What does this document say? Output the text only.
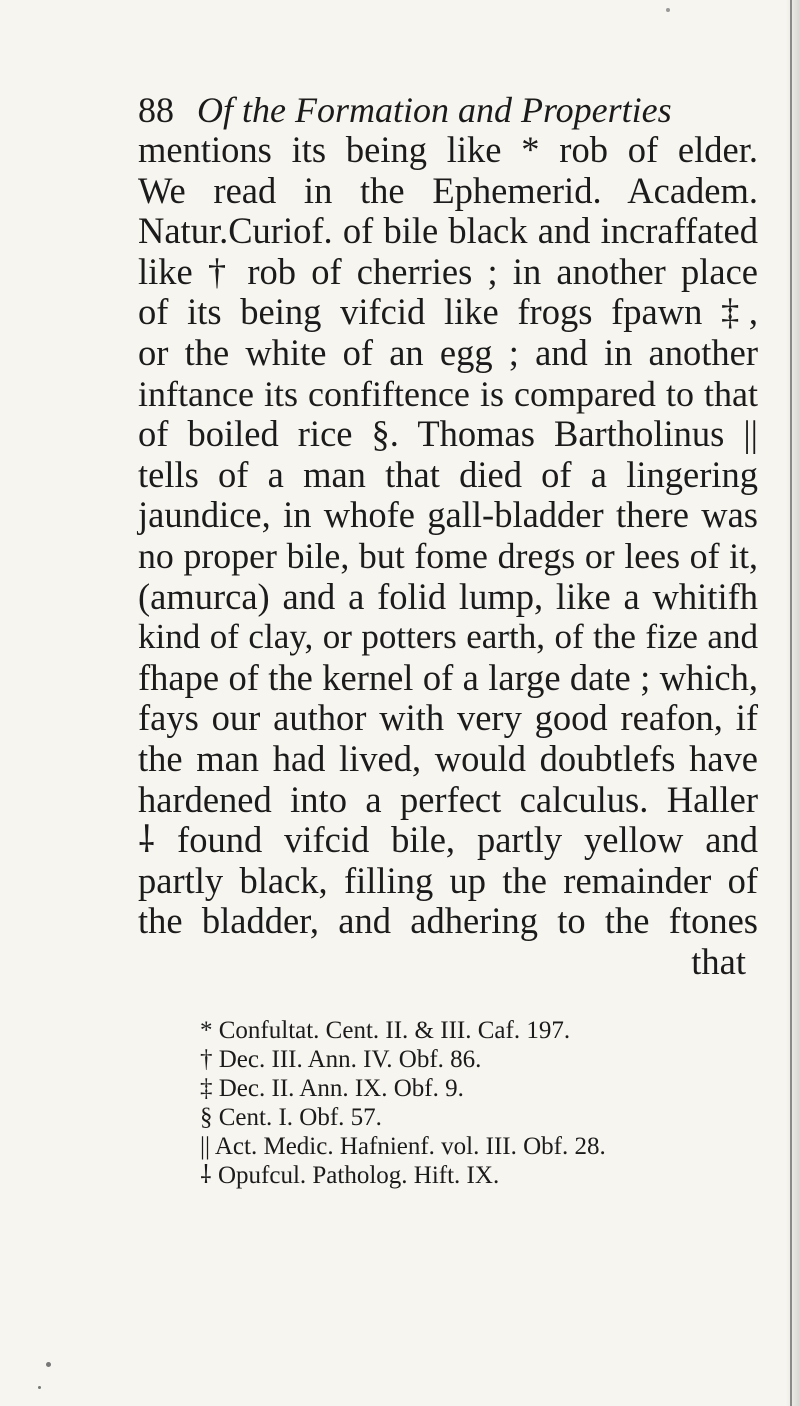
88 Of the Formation and Properties
mentions its being like * rob of elder.
We read in the Ephemerid. Academ.
Natur.Curiof. of bile black and incraffated
like † rob of cherries ; in another place
of its being vifcid like frogs fpawn ‡,
or the white of an egg ; and in another
inftance its confiftence is compared to that
of boiled rice §. Thomas Bartholinus ||
tells of a man that died of a lingering
jaundice, in whofe gall-bladder there was
no proper bile, but fome dregs or lees of it,
(amurca) and a folid lump, like a whitifh
kind of clay, or potters earth, of the fize and
fhape of the kernel of a large date ; which,
fays our author with very good reafon, if
the man had lived, would doubtlefs have
hardened into a perfect calculus. Haller
⸸ found vifcid bile, partly yellow and
partly black, filling up the remainder of
the bladder, and adhering to the ftones
that
* Confultat. Cent. II. & III. Caf. 197.
† Dec. III. Ann. IV. Obf. 86.
‡ Dec. II. Ann. IX. Obf. 9.
§ Cent. I. Obf. 57.
|| Act. Medic. Hafnienf. vol. III. Obf. 28.
⸸ Opufcul. Patholog. Hift. IX.
